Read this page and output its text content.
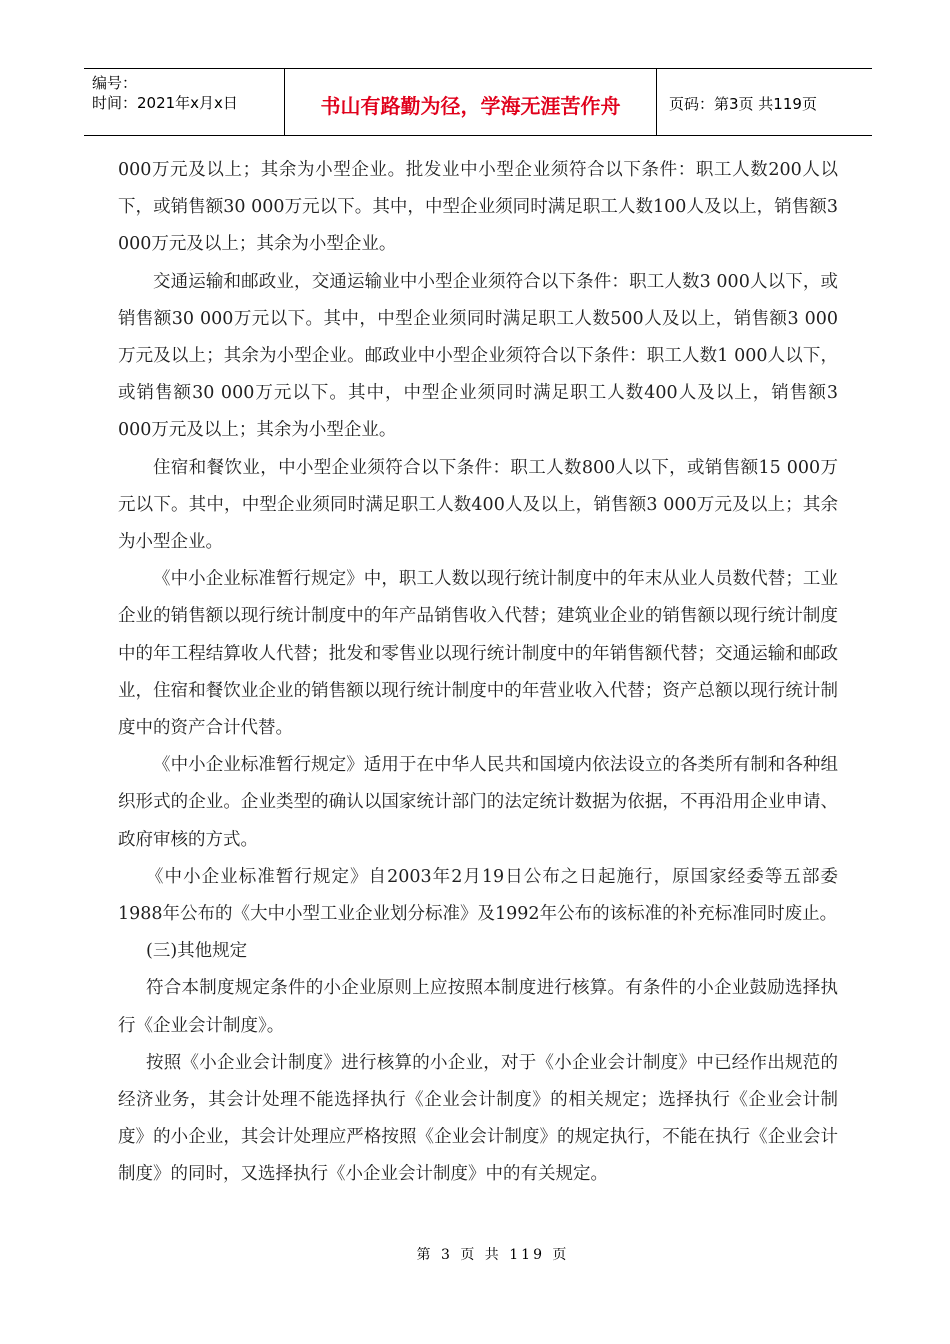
编号：
时间：2021年x月x日	书山有路勤为径，学海无涯苦作舟	页码：第3页 共119页

000万元及以上；其余为小型企业。批发业中小型企业须符合以下条件：职工人数200人以下，或销售额30 000万元以下。其中，中型企业须同时满足职工人数100人及以上，销售额3 000万元及以上；其余为小型企业。

交通运输和邮政业，交通运输业中小型企业须符合以下条件：职工人数3 000人以下，或销售额30 000万元以下。其中，中型企业须同时满足职工人数500人及以上，销售额3 000万元及以上；其余为小型企业。邮政业中小型企业须符合以下条件：职工人数1 000人以下，或销售额30 000万元以下。其中，中型企业须同时满足职工人数400人及以上，销售额3 000万元及以上；其余为小型企业。

住宿和餐饮业，中小型企业须符合以下条件：职工人数800人以下，或销售额15 000万元以下。其中，中型企业须同时满足职工人数400人及以上，销售额3 000万元及以上；其余为小型企业。

《中小企业标准暂行规定》中，职工人数以现行统计制度中的年末从业人员数代替；工业企业的销售额以现行统计制度中的年产品销售收入代替；建筑业企业的销售额以现行统计制度中的年工程结算收人代替；批发和零售业以现行统计制度中的年销售额代替；交通运输和邮政业，住宿和餐饮业企业的销售额以现行统计制度中的年营业收入代替；资产总额以现行统计制度中的资产合计代替。

《中小企业标准暂行规定》适用于在中华人民共和国境内依法设立的各类所有制和各种组织形式的企业。企业类型的确认以国家统计部门的法定统计数据为依据，不再沿用企业申请、政府审核的方式。

《中小企业标准暂行规定》自2003年2月19日公布之日起施行，原国家经委等五部委1988年公布的《大中小型工业企业划分标准》及1992年公布的该标准的补充标准同时废止。

(三)其他规定

符合本制度规定条件的小企业原则上应按照本制度进行核算。有条件的小企业鼓励选择执行《企业会计制度》。

按照《小企业会计制度》进行核算的小企业，对于《小企业会计制度》中已经作出规范的经济业务，其会计处理不能选择执行《企业会计制度》的相关规定；选择执行《企业会计制度》的小企业，其会计处理应严格按照《企业会计制度》的规定执行，不能在执行《企业会计制度》的同时，又选择执行《小企业会计制度》中的有关规定。

第 3 页 共 119 页
